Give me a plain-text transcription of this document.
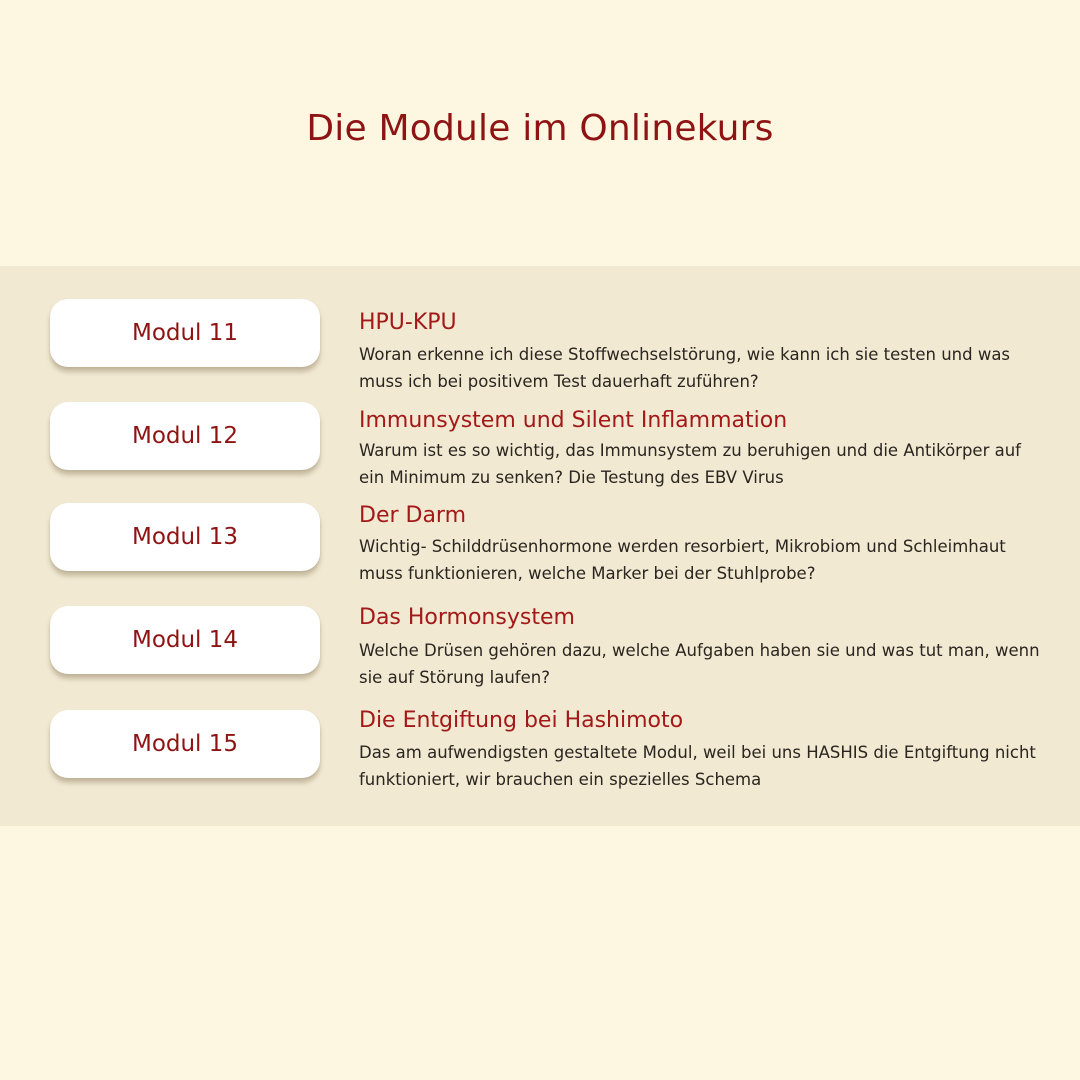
Die Module im Onlinekurs
Modul 11	HPU-KPU

Woran erkenne ich diese Stoffwechselstörung, wie kann ich sie testen und was muss ich bei positivem Test dauerhaft zuführen?

Modul 12
Immunsystem und Silent Inflammation

Warum ist es so wichtig, das Immunsystem zu beruhigen und die Antikörper auf ein Minimum zu senken? Die Testung des EBV Virus

Modul 13
Der Darm

Wichtig- Schilddrüsenhormone werden resorbiert, Mikrobiom und Schleimhaut muss funktionieren, welche Marker bei der Stuhlprobe?

Modul 14
Das Hormonsystem

Welche Drüsen gehören dazu, welche Aufgaben haben sie und was tut man, wenn sie auf Störung laufen?

Modul 15
Die Entgiftung bei Hashimoto

Das am aufwendigsten gestaltete Modul, weil bei uns HASHIS die Entgiftung nicht funktioniert, wir brauchen ein spezielles Schema
